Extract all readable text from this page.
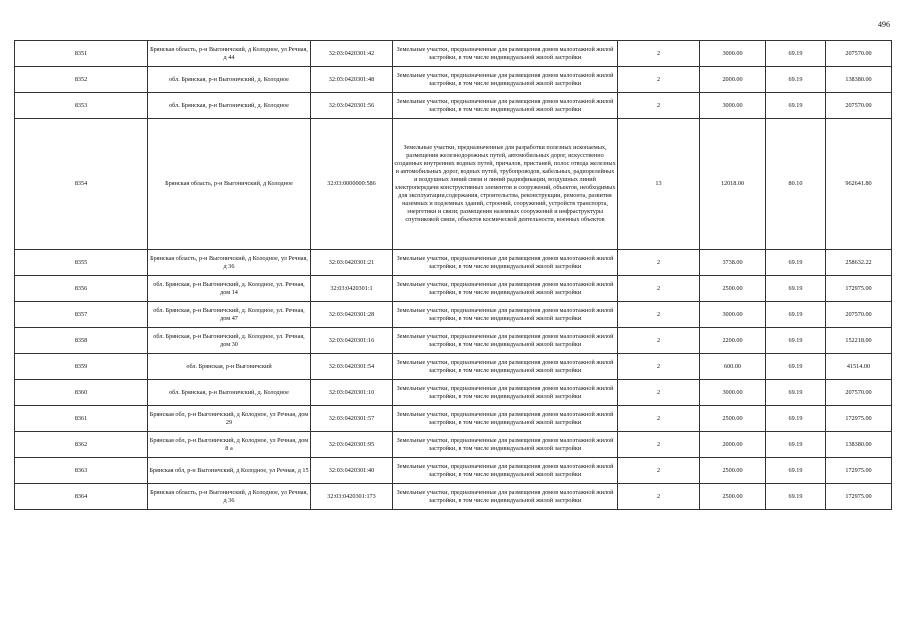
496
8351	Брянская область, р-н Выгоничский, д Колодное, ул Речная, д 44	32:03:0420301:42	Земельные участки, предназначенные для размещения домов малоэтажной жилой застройки, в том числе индивидуальной жилой застройки	2	3000.00	69.19	207570.00
8352	обл. Брянская, р-н Выгоничский, д. Колодное	32:03:0420301:48	Земельные участки, предназначенные для размещения домов малоэтажной жилой застройки, в том числе индивидуальной жилой застройки	2	2000.00	69.19	138380.00
8353	обл. Брянская, р-н Выгоничский, д. Колодное	32:03:0420301:56	Земельные участки, предназначенные для размещения домов малоэтажной жилой застройки, в том числе индивидуальной жилой застройки	2	3000.00	69.19	207570.00
8354	Брянская область, р-н Выгоничский, д Колодное	32:03:0000000:586	Земельные участки, предназначенные для разработки полезных ископаемых, размещения железнодорожных путей, автомобильных дорог, искусственно созданных внутренних водных путей, причалов, пристаней, полос отвода железных и автомобильных дорог, водных путей, трубопроводов, кабельных, радиорелейных и воздушных линий связи и линий радиофикации, воздушных линий электропередачи конструктивных элементов и сооружений, объектов, необходимых для эксплуатации,содержания, строительства, реконструкции, ремонта, развития наземных и подземных зданий, строений, сооружений, устройств транспорта, энергетики и связи; размещения наземных сооружений и инфраструктуры спутниковой связи, объектов космической деятельности, военных объектов	13	12018.00	80.10	962641.80
8355	Брянская область, р-н Выгоничский, д Колодное, ул Речная, д 36	32:03:0420301:21	Земельные участки, предназначенные для размещения домов малоэтажной жилой застройки, в том числе индивидуальной жилой застройки	2	3738.00	69.19	258632.22
8356	обл. Брянская, р-н Выгоничский, д. Колодное, ул. Речная, дом 14	32:03:0420301:1	Земельные участки, предназначенные для размещения домов малоэтажной жилой застройки, в том числе индивидуальной жилой застройки	2	2500.00	69.19	172975.00
8357	обл. Брянская, р-н Выгоничский, д. Колодное, ул. Речная, дом 47	32:03:0420301:28	Земельные участки, предназначенные для размещения домов малоэтажной жилой застройки, в том числе индивидуальной жилой застройки	2	3000.00	69.19	207570.00
8358	обл. Брянская, р-н Выгоничский, д. Колодное, ул. Речная, дом 30	32:03:0420301:16	Земельные участки, предназначенные для размещения домов малоэтажной жилой застройки, в том числе индивидуальной жилой застройки	2	2200.00	69.19	152218.00
8359	обл. Брянская, р-н Выгоничский	32:03:0420301:54	Земельные участки, предназначенные для размещения домов малоэтажной жилой застройки, в том числе индивидуальной жилой застройки	2	600.00	69.19	41514.00
8360	обл. Брянская, р-н Выгоничский, д. Колодное	32:03:0420301:10	Земельные участки, предназначенные для размещения домов малоэтажной жилой застройки, в том числе индивидуальной жилой застройки	2	3000.00	69.19	207570.00
8361	Брянская обл, р-н Выгоничский, д Колодное, ул Речная, дом 29	32:03:0420301:57	Земельные участки, предназначенные для размещения домов малоэтажной жилой застройки, в том числе индивидуальной жилой застройки	2	2500.00	69.19	172975.00
8362	Брянская обл, р-н Выгоничский, д Колодное, ул Речная, дом 8 а	32:03:0420301:95	Земельные участки, предназначенные для размещения домов малоэтажной жилой застройки, в том числе индивидуальной жилой застройки	2	2000.00	69.19	138380.00
8363	Брянская обл, р-н Выгоничский, д Колодное, ул Речная, д 15	32:03:0420301:40	Земельные участки, предназначенные для размещения домов малоэтажной жилой застройки, в том числе индивидуальной жилой застройки	2	2500.00	69.19	172975.00
8364	Брянская область, р-н Выгоничский, д Колодное, ул Речная, д 36	32:03:0420301:173	Земельные участки, предназначенные для размещения домов малоэтажной жилой застройки, в том числе индивидуальной жилой застройки	2	2500.00	69.19	172975.00
